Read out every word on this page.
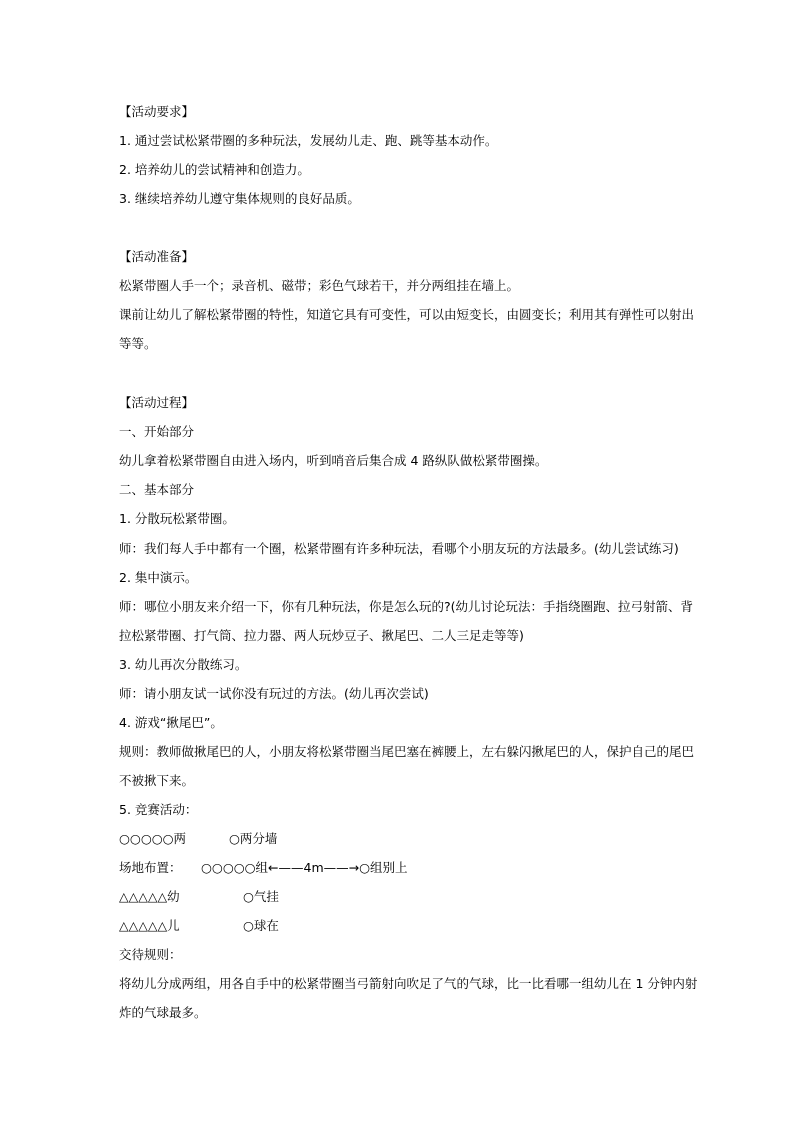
【活动要求】
1. 通过尝试松紧带圈的多种玩法，发展幼儿走、跑、跳等基本动作。
2. 培养幼儿的尝试精神和创造力。
3. 继续培养幼儿遵守集体规则的良好品质。
【活动准备】
松紧带圈人手一个；录音机、磁带；彩色气球若干，并分两组挂在墙上。
课前让幼儿了解松紧带圈的特性，知道它具有可变性，可以由短变长，由圆变长；利用其有弹性可以射出
等等。
【活动过程】
一、开始部分
幼儿拿着松紧带圈自由进入场内，听到哨音后集合成 4 路纵队做松紧带圈操。
二、基本部分
1. 分散玩松紧带圈。
师：我们每人手中都有一个圈，松紧带圈有许多种玩法，看哪个小朋友玩的方法最多。(幼儿尝试练习)
2. 集中演示。
师：哪位小朋友来介绍一下，你有几种玩法，你是怎么玩的?(幼儿讨论玩法：手指绕圈跑、拉弓射箭、背
拉松紧带圈、打气筒、拉力器、两人玩炒豆子、揪尾巴、二人三足走等等)
3. 幼儿再次分散练习。
师：请小朋友试一试你没有玩过的方法。(幼儿再次尝试)
4. 游戏“揪尾巴”。
规则：教师做揪尾巴的人，小朋友将松紧带圈当尾巴塞在裤腰上，左右躲闪揪尾巴的人，保护自己的尾巴
不被揪下来。
5. 竞赛活动：
○○○○○两	○两分墙
场地布置： ○○○○○组←——4m——→○组别上
△△△△△幼	○气挂
△△△△△儿	○球在
交待规则：
将幼儿分成两组，用各自手中的松紧带圈当弓箭射向吹足了气的气球，比一比看哪一组幼儿在 1 分钟内射
炸的气球最多。
